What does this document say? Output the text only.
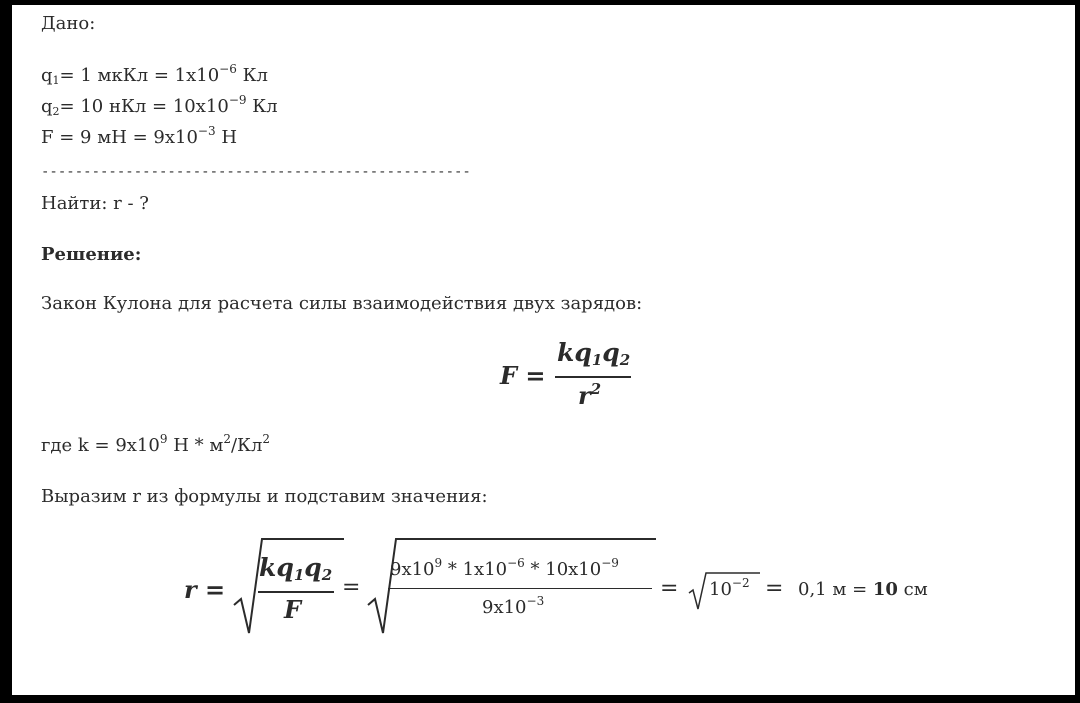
Дано:
$q_1= 1$ мкКл = $1x10^{-6}$ Кл
$q_2= 10$ нКл = $10x10^{-9}$ Кл
F = 9 мН = $9x10^{-3}$ Н
---------------------------------------------------
Найти: r - ?
Решение:
Закон Кулона для расчета силы взаимодействия двух зарядов:
F =
$kq_1q_2$
$r^2$
где $k = 9x10^9$ Н * $м^2/Кл^2$
Выразим r из формулы и подставим значения:
r =
$kq_1q_2$
F
=
$9x10^9 * 1x10^{-6} * 10x10^{-9}$
$9x10^{-3}$	= $10^{-2} = 0,1$ м = 10 см
